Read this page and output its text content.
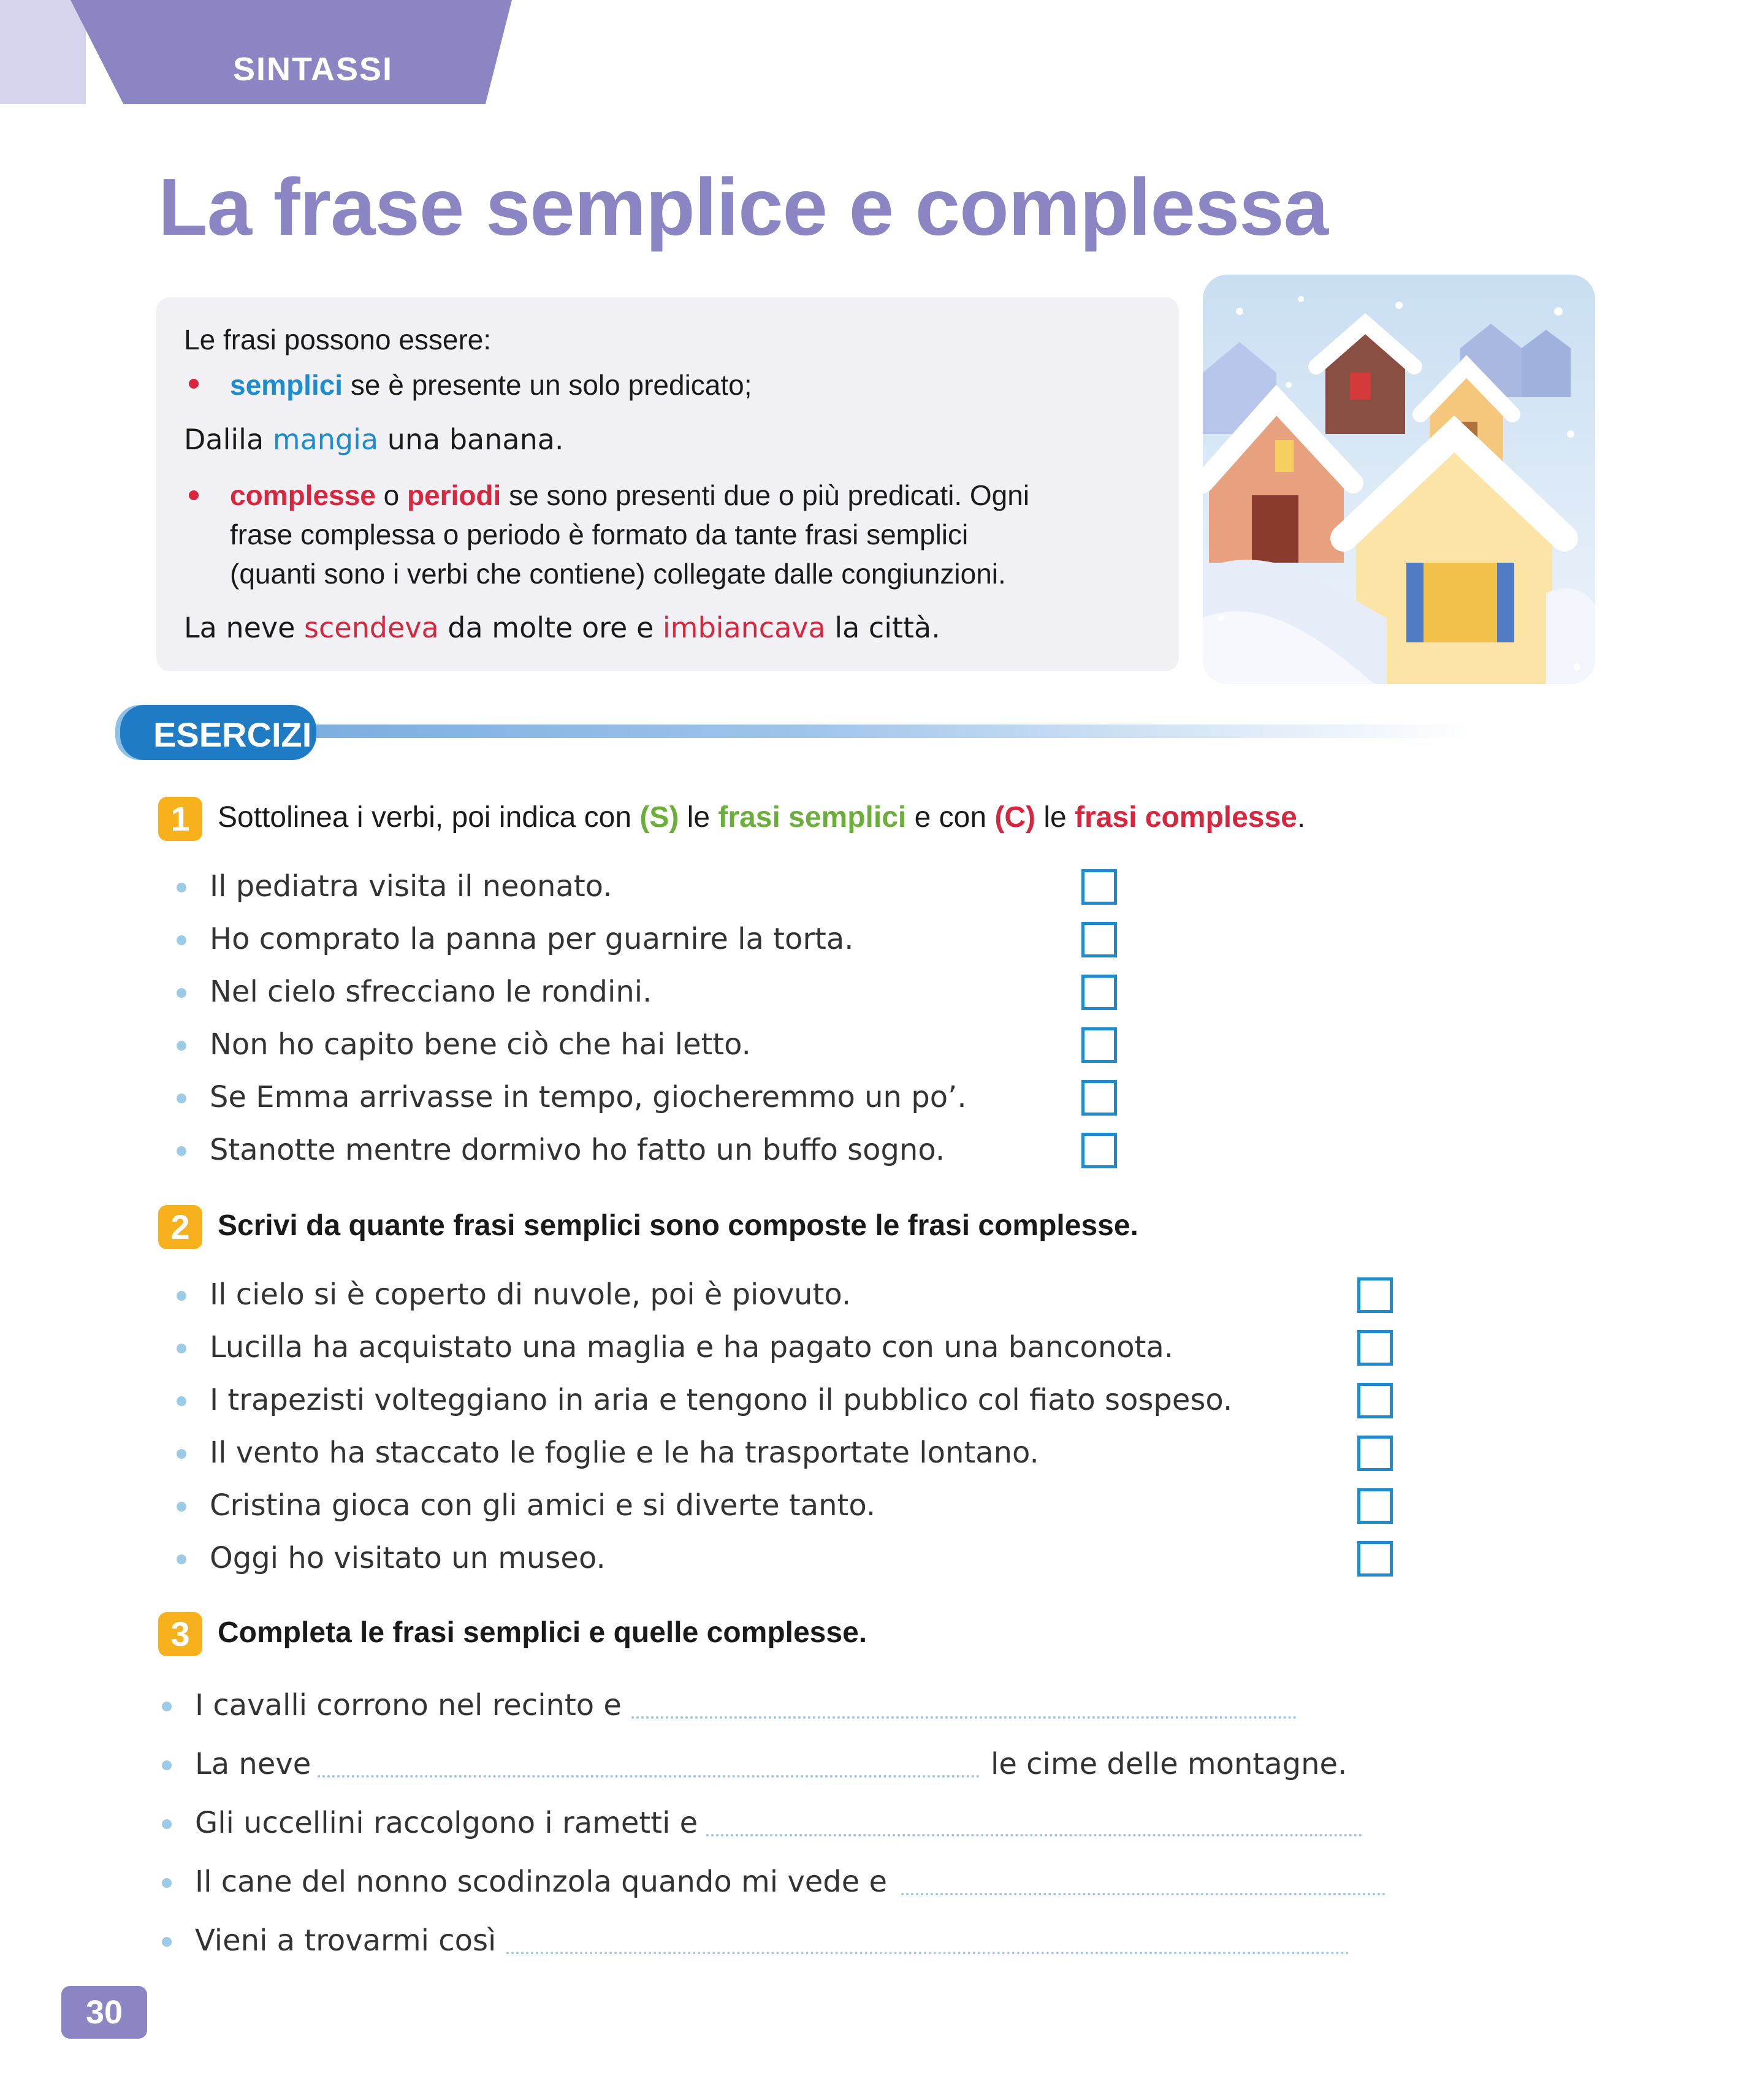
SINTASSI
La frase semplice e complessa
Le frasi possono essere:
semplici se è presente un solo predicato;
Dalila mangia una banana.
complesse o periodi se sono presenti due o più predicati. Ogni
frase complessa o periodo è formato da tante frasi semplici
(quanti sono i verbi che contiene) collegate dalle congiunzioni.
La neve scendeva da molte ore e imbiancava la città.
ESERCIZI
1 Sottolinea i verbi, poi indica con (S) le frasi semplici e con (C) le frasi complesse.
Il pediatra visita il neonato.
Ho comprato la panna per guarnire la torta.
Nel cielo sfrecciano le rondini.
Non ho capito bene ciò che hai letto.
Se Emma arrivasse in tempo, giocheremmo un po’.
Stanotte mentre dormivo ho fatto un buffo sogno.
2 Scrivi da quante frasi semplici sono composte le frasi complesse.
Il cielo si è coperto di nuvole, poi è piovuto.
Lucilla ha acquistato una maglia e ha pagato con una banconota.
I trapezisti volteggiano in aria e tengono il pubblico col fiato sospeso.
Il vento ha staccato le foglie e le ha trasportate lontano.
Cristina gioca con gli amici e si diverte tanto.
Oggi ho visitato un museo.
3 Completa le frasi semplici e quelle complesse.
I cavalli corrono nel recinto e
La neve	le cime delle montagne.
Gli uccellini raccolgono i rametti e
Il cane del nonno scodinzola quando mi vede e
Vieni a trovarmi così
30
